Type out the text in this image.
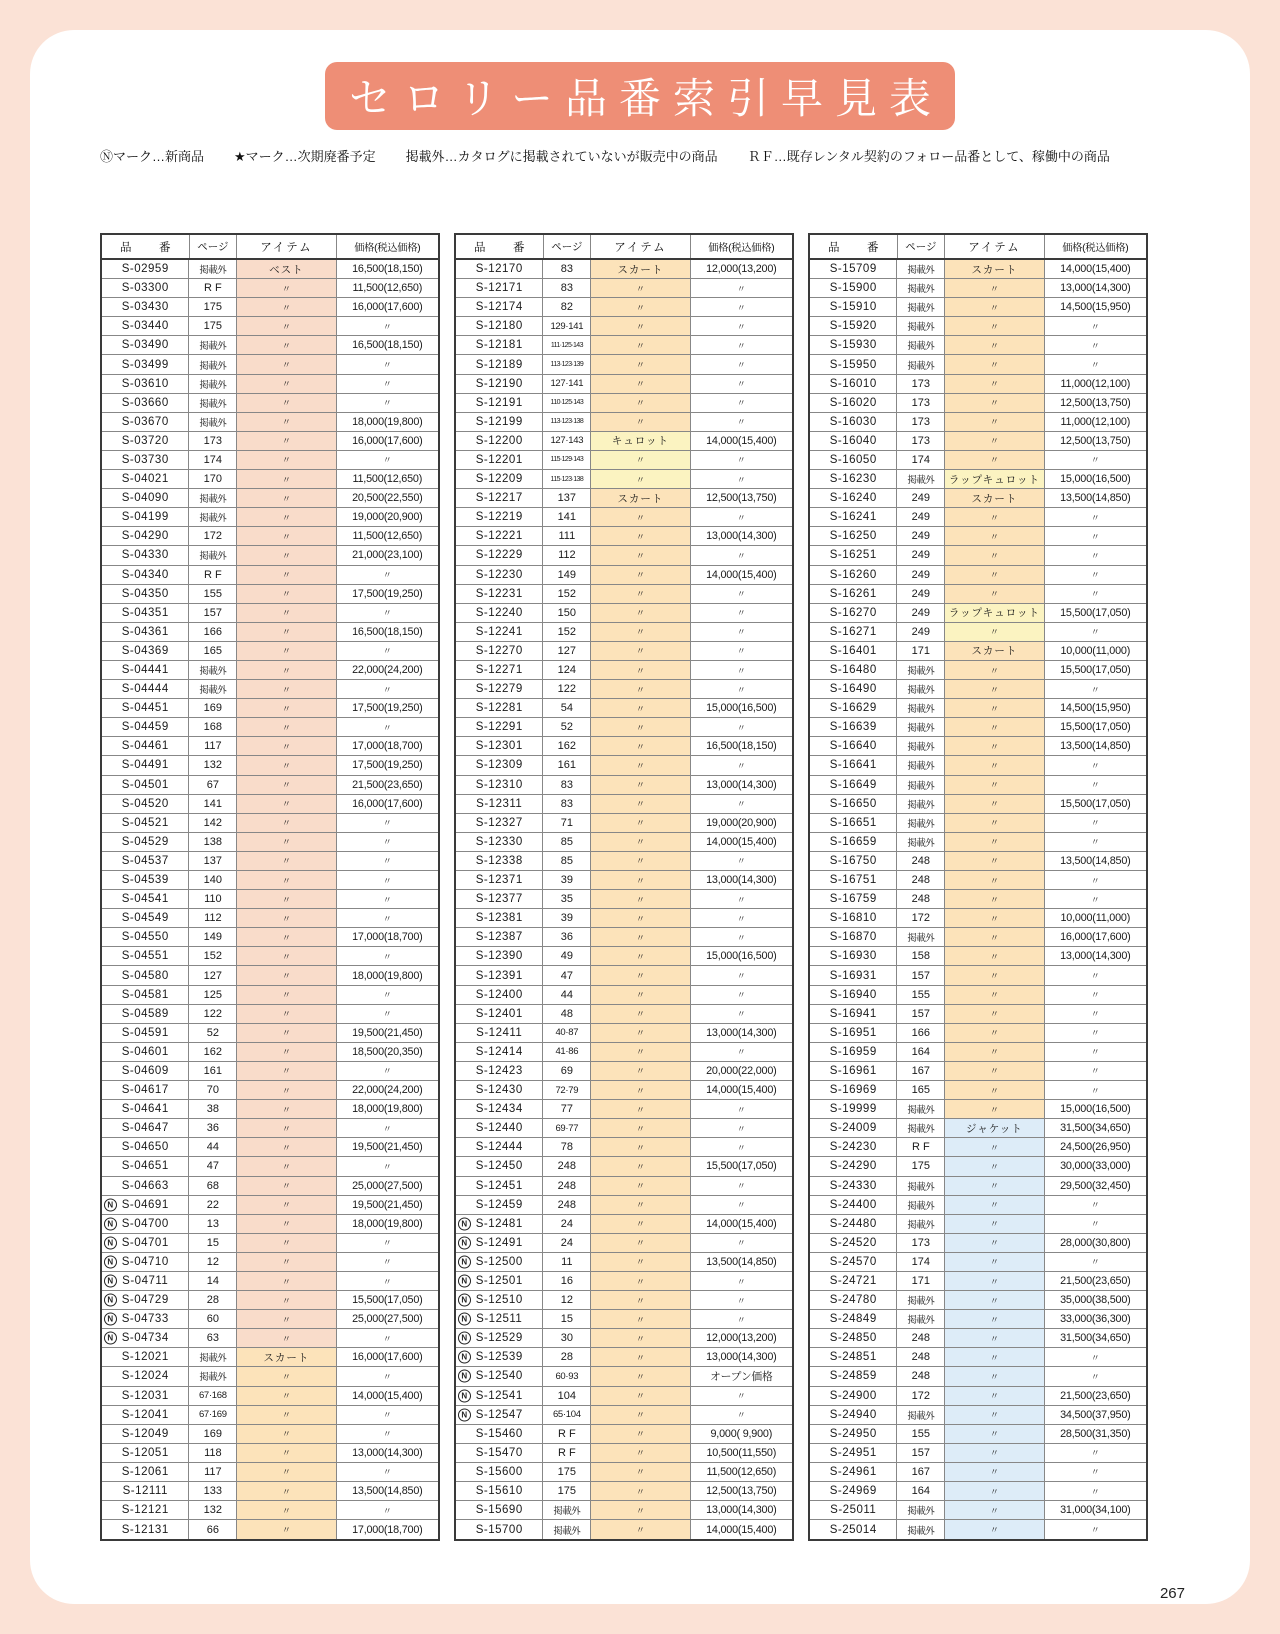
セロリー品番索引早見表
Ⓝマーク…新商品 ★マーク…次期廃番予定 掲載外…カタログに掲載されていないが販売中の商品 ＲＦ…既存レンタル契約のフォロー品番として、稼働中の商品
品　番	ページ	アイテム	価格(税込価格)
S-02959	掲載外	ベスト	16,500(18,150)
S-03300	R F	〃	11,500(12,650)
S-03430	175	〃	16,000(17,600)
S-03440	175	〃	〃
S-03490	掲載外	〃	16,500(18,150)
S-03499	掲載外	〃	〃
S-03610	掲載外	〃	〃
S-03660	掲載外	〃	〃
S-03670	掲載外	〃	18,000(19,800)
S-03720	173	〃	16,000(17,600)
S-03730	174	〃	〃
S-04021	170	〃	11,500(12,650)
S-04090	掲載外	〃	20,500(22,550)
S-04199	掲載外	〃	19,000(20,900)
S-04290	172	〃	11,500(12,650)
S-04330	掲載外	〃	21,000(23,100)
S-04340	R F	〃	〃
S-04350	155	〃	17,500(19,250)
S-04351	157	〃	〃
S-04361	166	〃	16,500(18,150)
S-04369	165	〃	〃
S-04441	掲載外	〃	22,000(24,200)
S-04444	掲載外	〃	〃
S-04451	169	〃	17,500(19,250)
S-04459	168	〃	〃
S-04461	117	〃	17,000(18,700)
S-04491	132	〃	17,500(19,250)
S-04501	67	〃	21,500(23,650)
S-04520	141	〃	16,000(17,600)
S-04521	142	〃	〃
S-04529	138	〃	〃
S-04537	137	〃	〃
S-04539	140	〃	〃
S-04541	110	〃	〃
S-04549	112	〃	〃
S-04550	149	〃	17,000(18,700)
S-04551	152	〃	〃
S-04580	127	〃	18,000(19,800)
S-04581	125	〃	〃
S-04589	122	〃	〃
S-04591	52	〃	19,500(21,450)
S-04601	162	〃	18,500(20,350)
S-04609	161	〃	〃
S-04617	70	〃	22,000(24,200)
S-04641	38	〃	18,000(19,800)
S-04647	36	〃	〃
S-04650	44	〃	19,500(21,450)
S-04651	47	〃	〃
S-04663	68	〃	25,000(27,500)
N S-04691	22	〃	19,500(21,450)
N S-04700	13	〃	18,000(19,800)
N S-04701	15	〃	〃
N S-04710	12	〃	〃
N S-04711	14	〃	〃
N S-04729	28	〃	15,500(17,050)
N S-04733	60	〃	25,000(27,500)
N S-04734	63	〃	〃
S-12021	掲載外	スカート	16,000(17,600)
S-12024	掲載外	〃	〃
S-12031	67·168	〃	14,000(15,400)
S-12041	67·169	〃	〃
S-12049	169	〃	〃
S-12051	118	〃	13,000(14,300)
S-12061	117	〃	〃
S-12111	133	〃	13,500(14,850)
S-12121	132	〃	〃
S-12131	66	〃	17,000(18,700)
品　番	ページ	アイテム	価格(税込価格)
S-12170	83	スカート	12,000(13,200)
S-12171	83	〃	〃
S-12174	82	〃	〃
S-12180	129·141	〃	〃
S-12181	111·125·143	〃	〃
S-12189	113·123·139	〃	〃
S-12190	127·141	〃	〃
S-12191	110·125·143	〃	〃
S-12199	113·123·138	〃	〃
S-12200	127·143	キュロット	14,000(15,400)
S-12201	115·129·143	〃	〃
S-12209	115·123·138	〃	〃
S-12217	137	スカート	12,500(13,750)
S-12219	141	〃	〃
S-12221	111	〃	13,000(14,300)
S-12229	112	〃	〃
S-12230	149	〃	14,000(15,400)
S-12231	152	〃	〃
S-12240	150	〃	〃
S-12241	152	〃	〃
S-12270	127	〃	〃
S-12271	124	〃	〃
S-12279	122	〃	〃
S-12281	54	〃	15,000(16,500)
S-12291	52	〃	〃
S-12301	162	〃	16,500(18,150)
S-12309	161	〃	〃
S-12310	83	〃	13,000(14,300)
S-12311	83	〃	〃
S-12327	71	〃	19,000(20,900)
S-12330	85	〃	14,000(15,400)
S-12338	85	〃	〃
S-12371	39	〃	13,000(14,300)
S-12377	35	〃	〃
S-12381	39	〃	〃
S-12387	36	〃	〃
S-12390	49	〃	15,000(16,500)
S-12391	47	〃	〃
S-12400	44	〃	〃
S-12401	48	〃	〃
S-12411	40·87	〃	13,000(14,300)
S-12414	41·86	〃	〃
S-12423	69	〃	20,000(22,000)
S-12430	72·79	〃	14,000(15,400)
S-12434	77	〃	〃
S-12440	69·77	〃	〃
S-12444	78	〃	〃
S-12450	248	〃	15,500(17,050)
S-12451	248	〃	〃
S-12459	248	〃	〃
N S-12481	24	〃	14,000(15,400)
N S-12491	24	〃	〃
N S-12500	11	〃	13,500(14,850)
N S-12501	16	〃	〃
N S-12510	12	〃	〃
N S-12511	15	〃	〃
N S-12529	30	〃	12,000(13,200)
N S-12539	28	〃	13,000(14,300)
N S-12540	60·93	〃	オープン価格
N S-12541	104	〃	〃
N S-12547	65·104	〃	〃
S-15460	R F	〃	9,000( 9,900)
S-15470	R F	〃	10,500(11,550)
S-15600	175	〃	11,500(12,650)
S-15610	175	〃	12,500(13,750)
S-15690	掲載外	〃	13,000(14,300)
S-15700	掲載外	〃	14,000(15,400)
品　番	ページ	アイテム	価格(税込価格)
S-15709	掲載外	スカート	14,000(15,400)
S-15900	掲載外	〃	13,000(14,300)
S-15910	掲載外	〃	14,500(15,950)
S-15920	掲載外	〃	〃
S-15930	掲載外	〃	〃
S-15950	掲載外	〃	〃
S-16010	173	〃	11,000(12,100)
S-16020	173	〃	12,500(13,750)
S-16030	173	〃	11,000(12,100)
S-16040	173	〃	12,500(13,750)
S-16050	174	〃	〃
S-16230	掲載外	ラップキュロット	15,000(16,500)
S-16240	249	スカート	13,500(14,850)
S-16241	249	〃	〃
S-16250	249	〃	〃
S-16251	249	〃	〃
S-16260	249	〃	〃
S-16261	249	〃	〃
S-16270	249	ラップキュロット	15,500(17,050)
S-16271	249	〃	〃
S-16401	171	スカート	10,000(11,000)
S-16480	掲載外	〃	15,500(17,050)
S-16490	掲載外	〃	〃
S-16629	掲載外	〃	14,500(15,950)
S-16639	掲載外	〃	15,500(17,050)
S-16640	掲載外	〃	13,500(14,850)
S-16641	掲載外	〃	〃
S-16649	掲載外	〃	〃
S-16650	掲載外	〃	15,500(17,050)
S-16651	掲載外	〃	〃
S-16659	掲載外	〃	〃
S-16750	248	〃	13,500(14,850)
S-16751	248	〃	〃
S-16759	248	〃	〃
S-16810	172	〃	10,000(11,000)
S-16870	掲載外	〃	16,000(17,600)
S-16930	158	〃	13,000(14,300)
S-16931	157	〃	〃
S-16940	155	〃	〃
S-16941	157	〃	〃
S-16951	166	〃	〃
S-16959	164	〃	〃
S-16961	167	〃	〃
S-16969	165	〃	〃
S-19999	掲載外	〃	15,000(16,500)
S-24009	掲載外	ジャケット	31,500(34,650)
S-24230	R F	〃	24,500(26,950)
S-24290	175	〃	30,000(33,000)
S-24330	掲載外	〃	29,500(32,450)
S-24400	掲載外	〃	〃
S-24480	掲載外	〃	〃
S-24520	173	〃	28,000(30,800)
S-24570	174	〃	〃
S-24721	171	〃	21,500(23,650)
S-24780	掲載外	〃	35,000(38,500)
S-24849	掲載外	〃	33,000(36,300)
S-24850	248	〃	31,500(34,650)
S-24851	248	〃	〃
S-24859	248	〃	〃
S-24900	172	〃	21,500(23,650)
S-24940	掲載外	〃	34,500(37,950)
S-24950	155	〃	28,500(31,350)
S-24951	157	〃	〃
S-24961	167	〃	〃
S-24969	164	〃	〃
S-25011	掲載外	〃	31,000(34,100)
S-25014	掲載外	〃	〃
267
